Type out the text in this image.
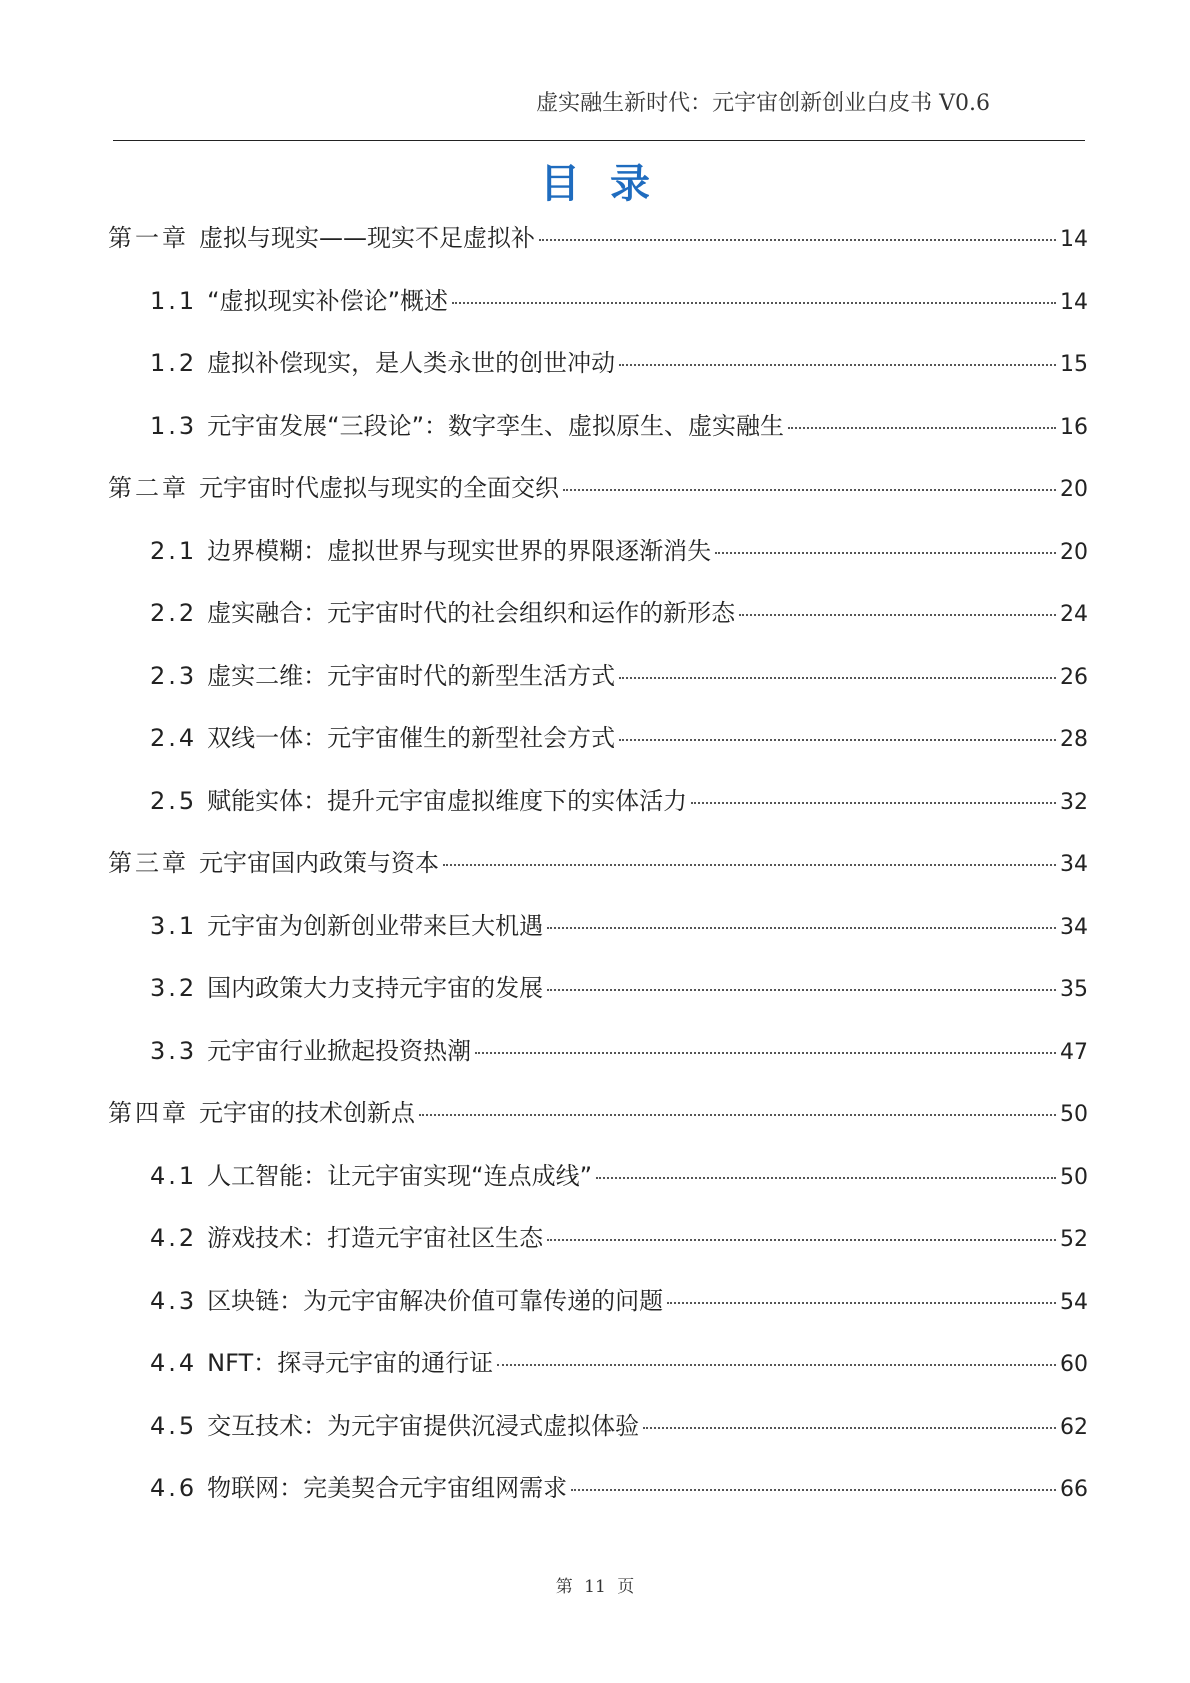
虚实融生新时代：元宇宙创新创业白皮书 V0.6
目录
第一章 虚拟与现实——现实不足虚拟补	14
1.1 “虚拟现实补偿论”概述	14
1.2 虚拟补偿现实，是人类永世的创世冲动	15
1.3 元宇宙发展“三段论”：数字孪生、虚拟原生、虚实融生	16
第二章 元宇宙时代虚拟与现实的全面交织	20
2.1 边界模糊：虚拟世界与现实世界的界限逐渐消失	20
2.2 虚实融合：元宇宙时代的社会组织和运作的新形态	24
2.3 虚实二维：元宇宙时代的新型生活方式	26
2.4 双线一体：元宇宙催生的新型社会方式	28
2.5 赋能实体：提升元宇宙虚拟维度下的实体活力	32
第三章 元宇宙国内政策与资本	34
3.1 元宇宙为创新创业带来巨大机遇	34
3.2 国内政策大力支持元宇宙的发展	35
3.3 元宇宙行业掀起投资热潮	47
第四章 元宇宙的技术创新点	50
4.1 人工智能：让元宇宙实现“连点成线”	50
4.2 游戏技术：打造元宇宙社区生态	52
4.3 区块链：为元宇宙解决价值可靠传递的问题	54
4.4 NFT：探寻元宇宙的通行证	60
4.5 交互技术：为元宇宙提供沉浸式虚拟体验	62
4.6 物联网：完美契合元宇宙组网需求	66
第 11 页
